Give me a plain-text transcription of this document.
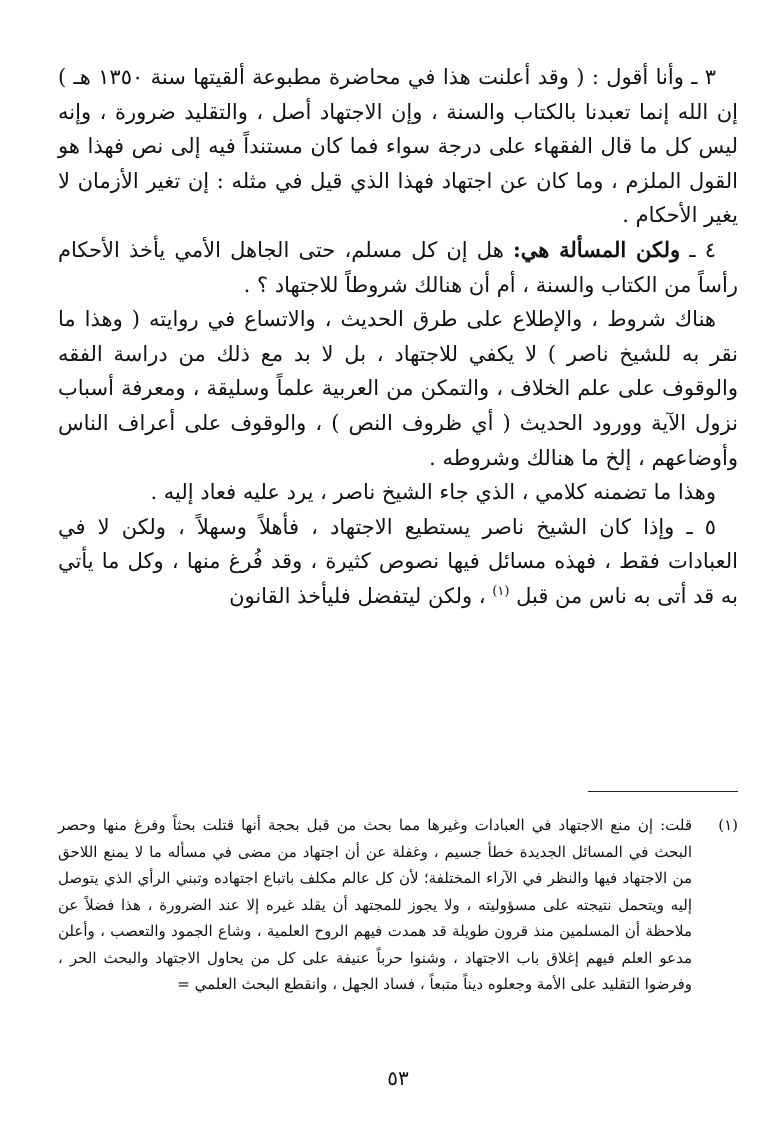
٣ ـ وأنا أقول : ( وقد أعلنت هذا في محاضرة مطبوعة ألقيتها سنة ١٣٥٠ هـ ) إن الله إنما تعبدنا بالكتاب والسنة ، وإن الاجتهاد أصل ، والتقليد ضرورة ، وإنه ليس كل ما قال الفقهاء على درجة سواء فما كان مستنداً فيه إلى نص فهذا هو القول الملزم ، وما كان عن اجتهاد فهذا الذي قيل في مثله : إن تغير الأزمان لا يغير الأحكام .

٤ ـ ولكن المسألة هي: هل إن كل مسلم، حتى الجاهل الأمي يأخذ الأحكام رأساً من الكتاب والسنة ، أم أن هنالك شروطاً للاجتهاد ؟ .

هناك شروط ، والإطلاع على طرق الحديث ، والاتساع في روايته ( وهذا ما نقر به للشيخ ناصر ) لا يكفي للاجتهاد ، بل لا بد مع ذلك من دراسة الفقه والوقوف على علم الخلاف ، والتمكن من العربية علماً وسليقة ، ومعرفة أسباب نزول الآية وورود الحديث ( أي ظروف النص ) ، والوقوف على أعراف الناس وأوضاعهم ، إلخ ما هنالك وشروطه .

وهذا ما تضمنه كلامي ، الذي جاء الشيخ ناصر ، يرد عليه فعاد إليه .

٥ ـ وإذا كان الشيخ ناصر يستطيع الاجتهاد ، فأهلاً وسهلاً ، ولكن لا في العبادات فقط ، فهذه مسائل فيها نصوص كثيرة ، وقد فُرغ منها ، وكل ما يأتي به قد أتى به ناس من قبل $^{(١)}$ ، ولكن ليتفضل فليأخذ القانون

(١)
قلت: إن منع الاجتهاد في العبادات وغيرها مما بحث من قبل بحجة أنها قتلت بحثاً وفرغ منها وحصر البحث في المسائل الجديدة خطأ جسيم ، وغفلة عن أن اجتهاد من مضى في مسأله ما لا يمنع اللاحق من الاجتهاد فيها والنظر في الآراء المختلفة؛ لأن كل عالم مكلف باتباع اجتهاده وتبني الرأي الذي يتوصل إليه ويتحمل نتيجته على مسؤوليته ، ولا يجوز للمجتهد أن يقلد غيره إلا عند الضرورة ، هذا فضلاً عن ملاحظة أن المسلمين منذ قرون طويلة قد همدت فيهم الروح العلمية ، وشاع الجمود والتعصب ، وأعلن مدعو العلم فيهم إغلاق باب الاجتهاد ، وشنوا حرباً عنيفة على كل من يحاول الاجتهاد والبحث الحر ، وفرضوا التقليد على الأمة وجعلوه ديناً متبعاً ، فساد الجهل ، وانقطع البحث العلمي =
٥٣
